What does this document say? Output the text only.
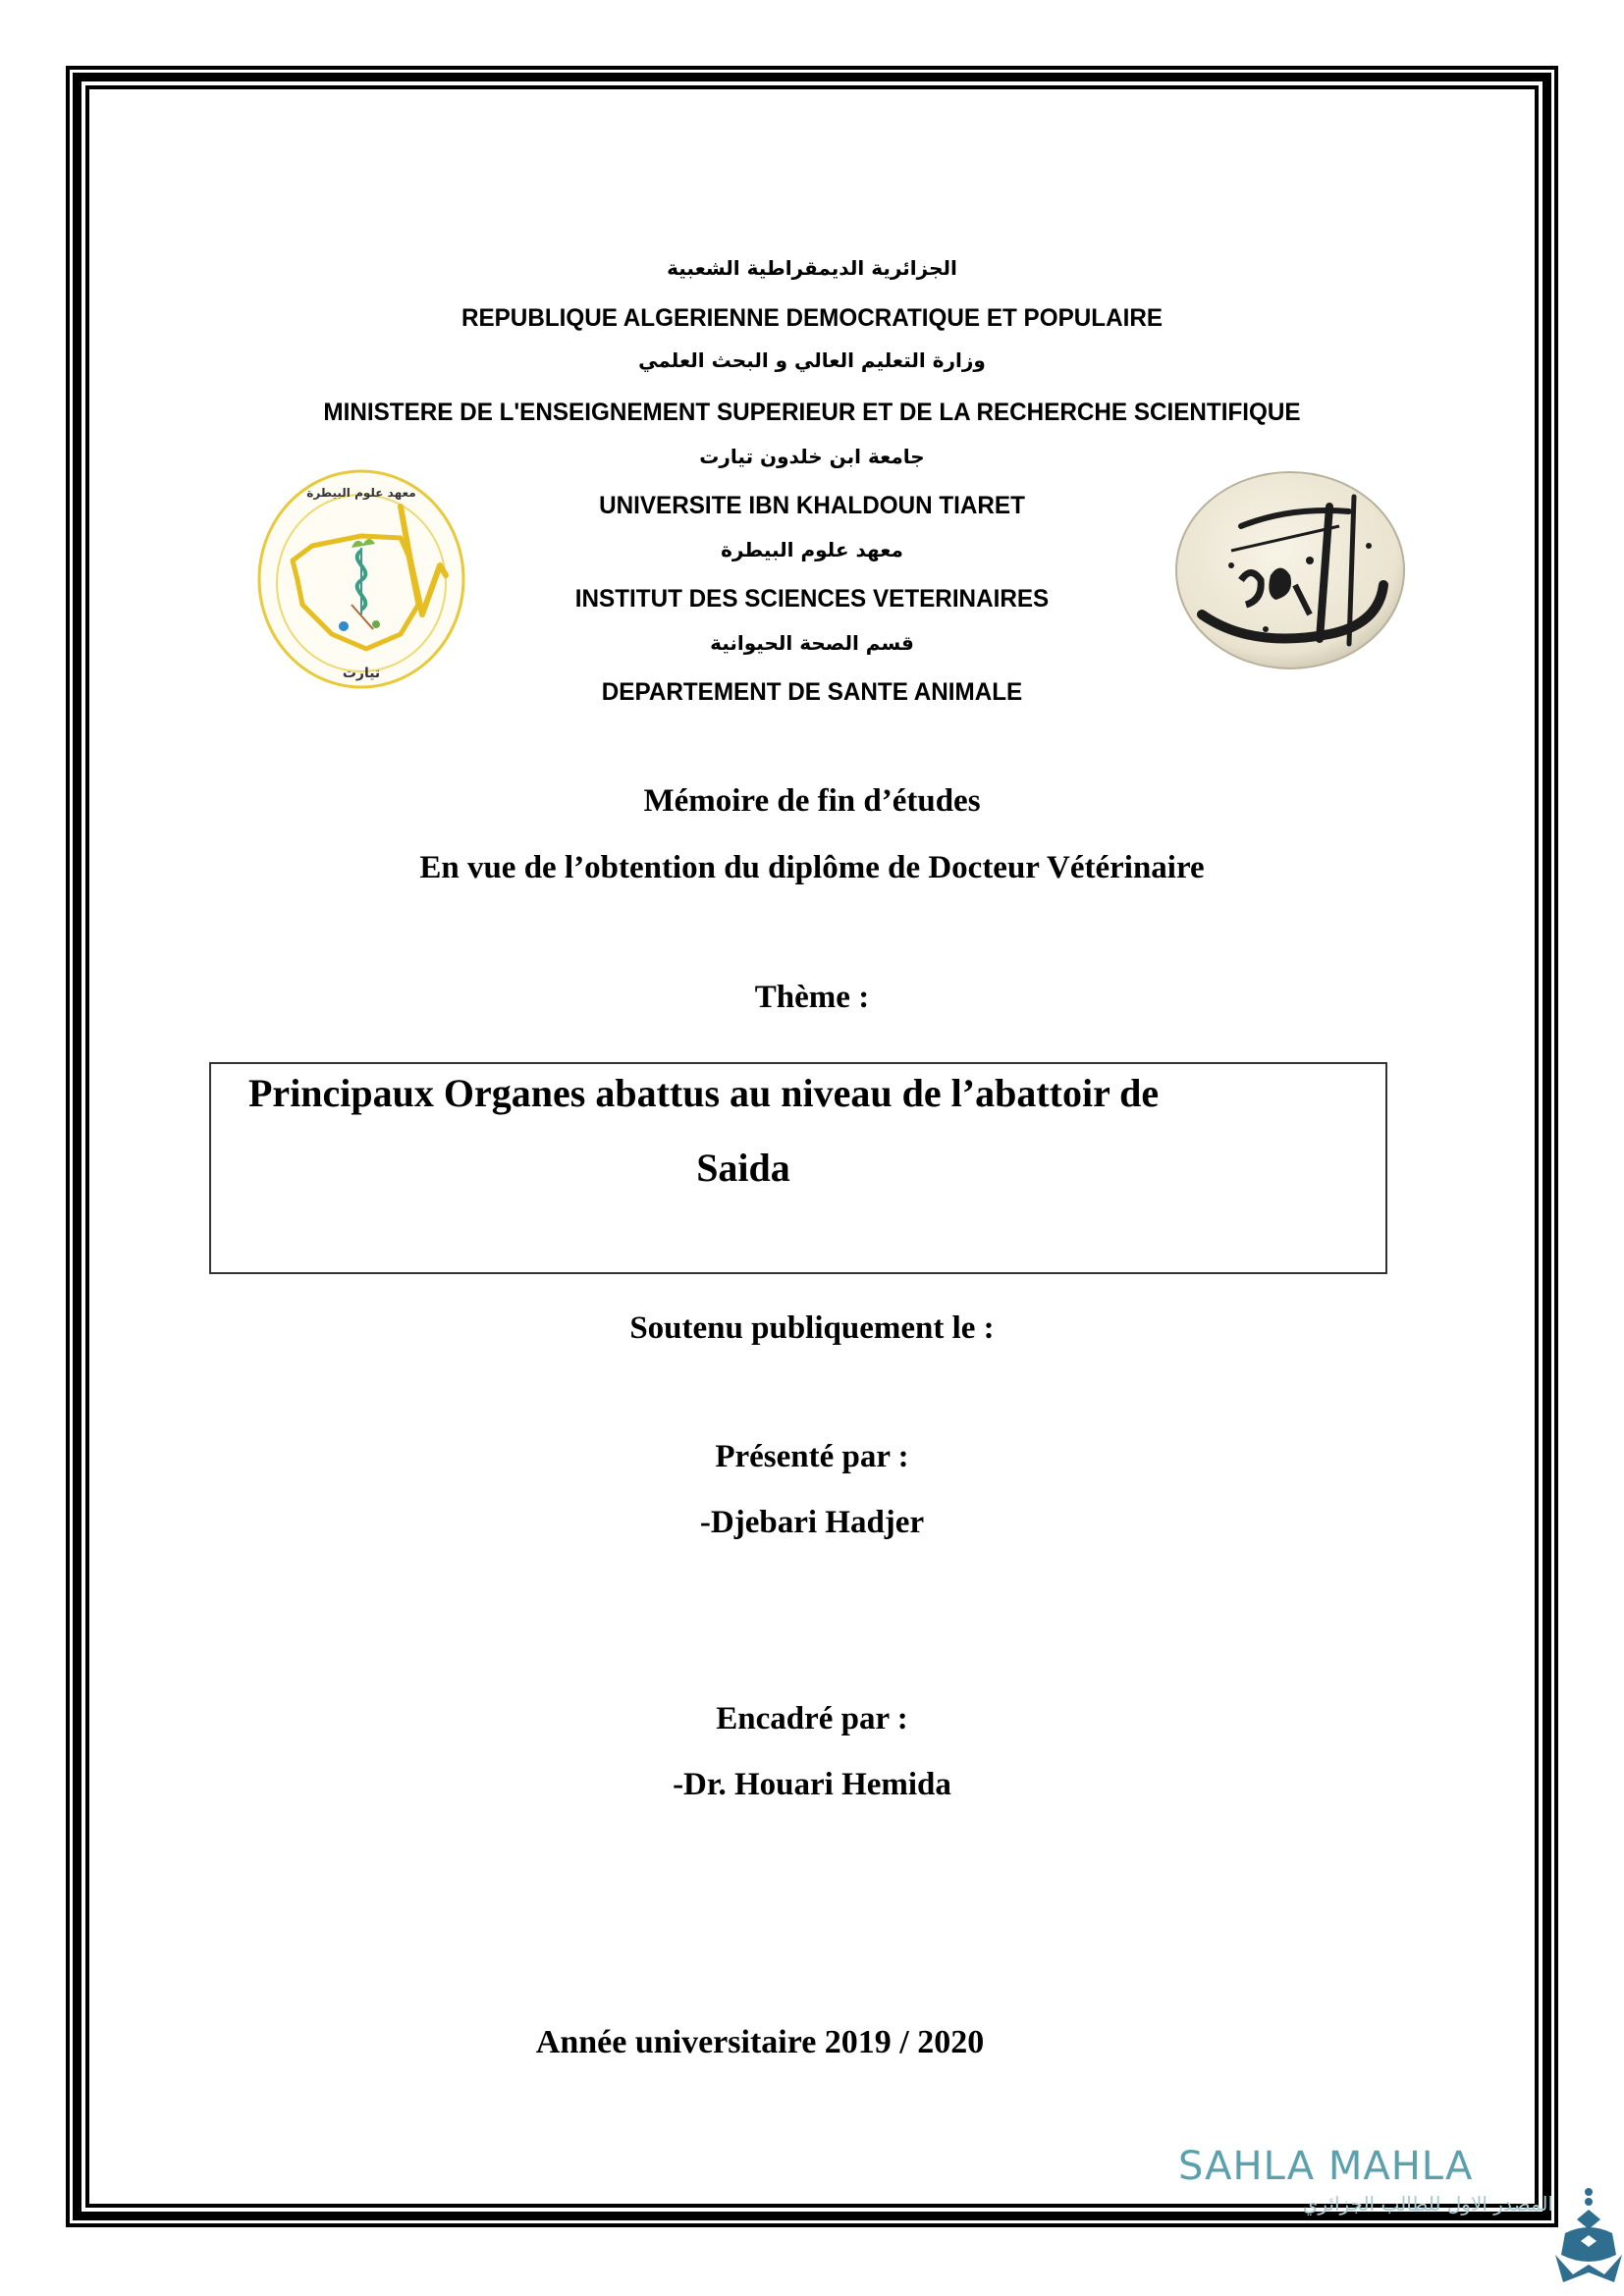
الجزائرية الديمقراطية الشعبية
REPUBLIQUE ALGERIENNE DEMOCRATIQUE ET POPULAIRE
وزارة التعليم العالي و البحث العلمي
MINISTERE DE L'ENSEIGNEMENT SUPERIEUR ET DE LA RECHERCHE SCIENTIFIQUE
جامعة ابن خلدون تيارت
UNIVERSITE IBN KHALDOUN TIARET
معهد علوم البيطرة
INSTITUT DES SCIENCES VETERINAIRES
قسم الصحة الحيوانية
DEPARTEMENT DE SANTE ANIMALE
معهد علوم البيطرة
تيارت
Mémoire de fin d’études
En vue de l’obtention du diplôme de Docteur Vétérinaire
Thème :
Principaux Organes abattus au niveau de l’abattoir de
Saida
Soutenu publiquement le :
Présenté par :
-Djebari Hadjer
Encadré par :
-Dr. Houari Hemida
Année universitaire 2019 / 2020
SAHLA MAHLA
المصدر الاول للطالب الجزائري
